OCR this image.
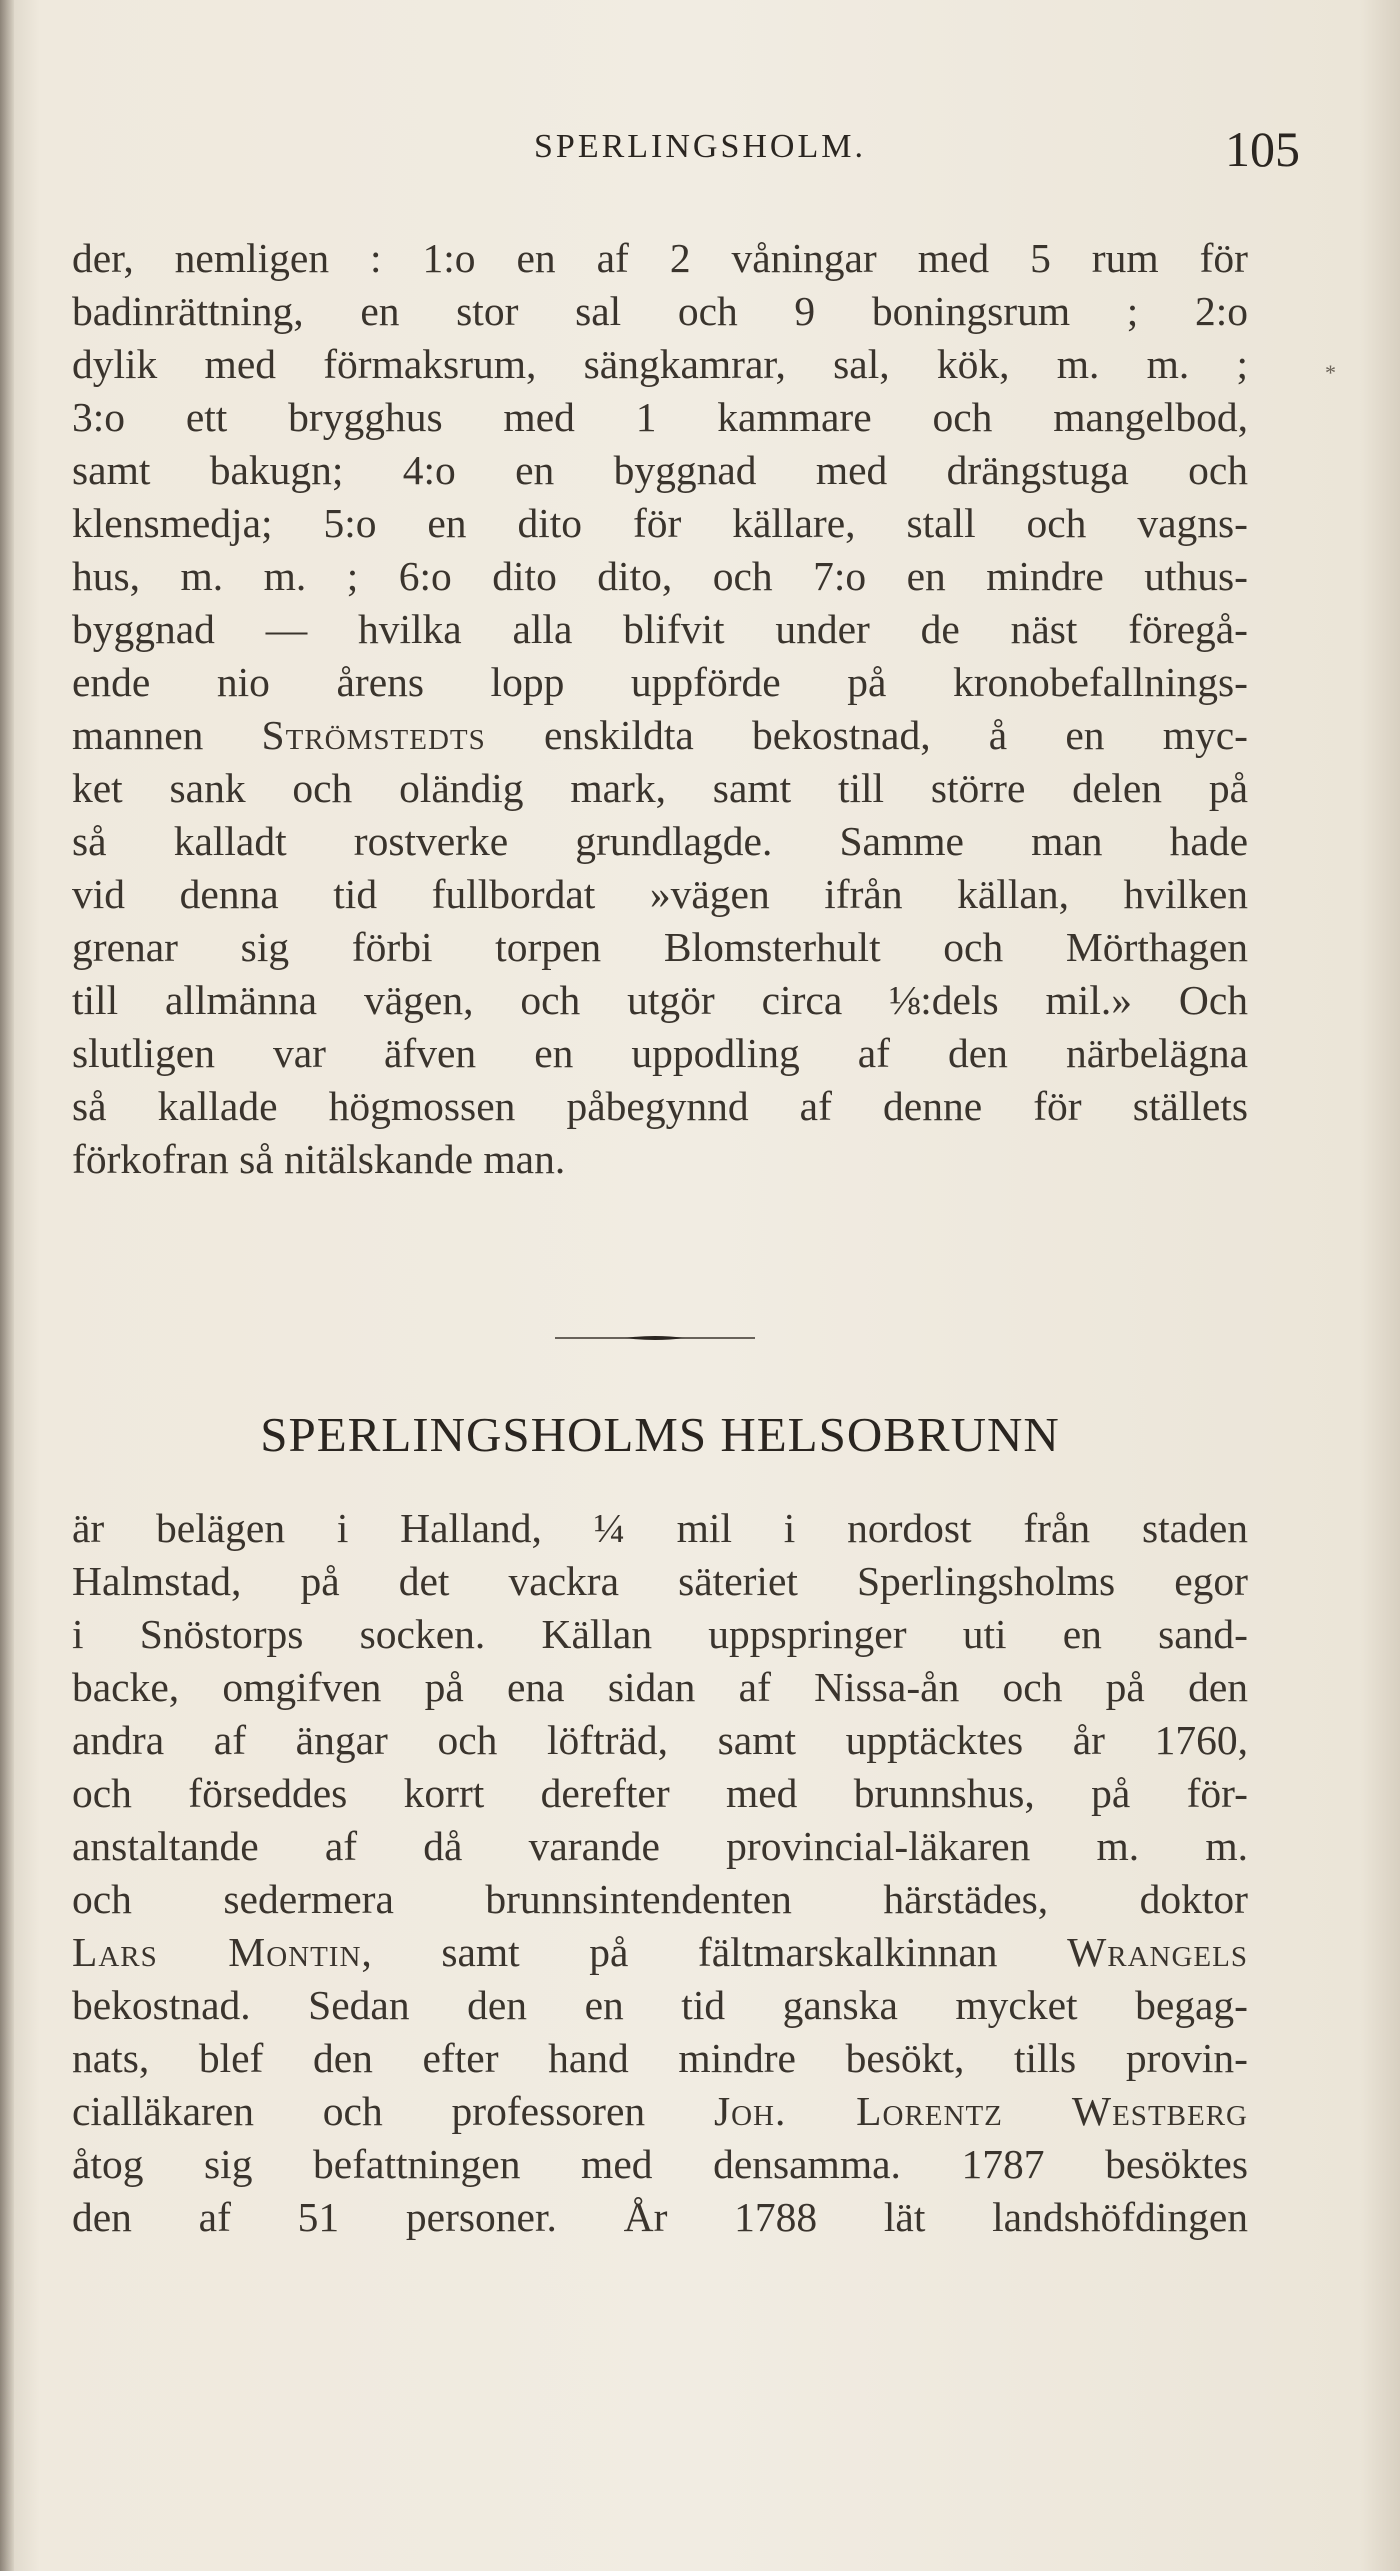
SPERLINGSHOLM.	105
*
der, nemligen : 1:o en af 2 våningar med 5 rum för
badinrättning, en stor sal och 9 boningsrum ; 2:o
dylik med förmaksrum, sängkamrar, sal, kök, m. m. ;
3:o ett brygghus med 1 kammare och mangelbod,
samt bakugn; 4:o en byggnad med drängstuga och
klensmedja; 5:o en dito för källare, stall och vagns-
hus, m. m. ; 6:o dito dito, och 7:o en mindre uthus-
byggnad — hvilka alla blifvit under de näst föregå-
ende nio årens lopp uppförde på kronobefallnings-
mannen Strömstedts enskildta bekostnad, å en myc-
ket sank och oländig mark, samt till större delen på
så kalladt rostverke grundlagde. Samme man hade
vid denna tid fullbordat »vägen ifrån källan, hvilken
grenar sig förbi torpen Blomsterhult och Mörthagen
till allmänna vägen, och utgör circa ⅛:dels mil.» Och
slutligen var äfven en uppodling af den närbelägna
så kallade högmossen påbegynnd af denne för ställets
förkofran så nitälskande man.
SPERLINGSHOLMS HELSOBRUNN
är belägen i Halland, ¼ mil i nordost från staden
Halmstad, på det vackra säteriet Sperlingsholms egor
i Snöstorps socken. Källan uppspringer uti en sand-
backe, omgifven på ena sidan af Nissa-ån och på den
andra af ängar och löfträd, samt upptäcktes år 1760,
och förseddes korrt derefter med brunnshus, på för-
anstaltande af då varande provincial-läkaren m. m.
och sedermera brunnsintendenten härstädes, doktor
Lars Montin, samt på fältmarskalkinnan Wrangels
bekostnad. Sedan den en tid ganska mycket begag-
nats, blef den efter hand mindre besökt, tills provin-
cialläkaren och professoren Joh. Lorentz Westberg
åtog sig befattningen med densamma. 1787 besöktes
den af 51 personer. År 1788 lät landshöfdingen
